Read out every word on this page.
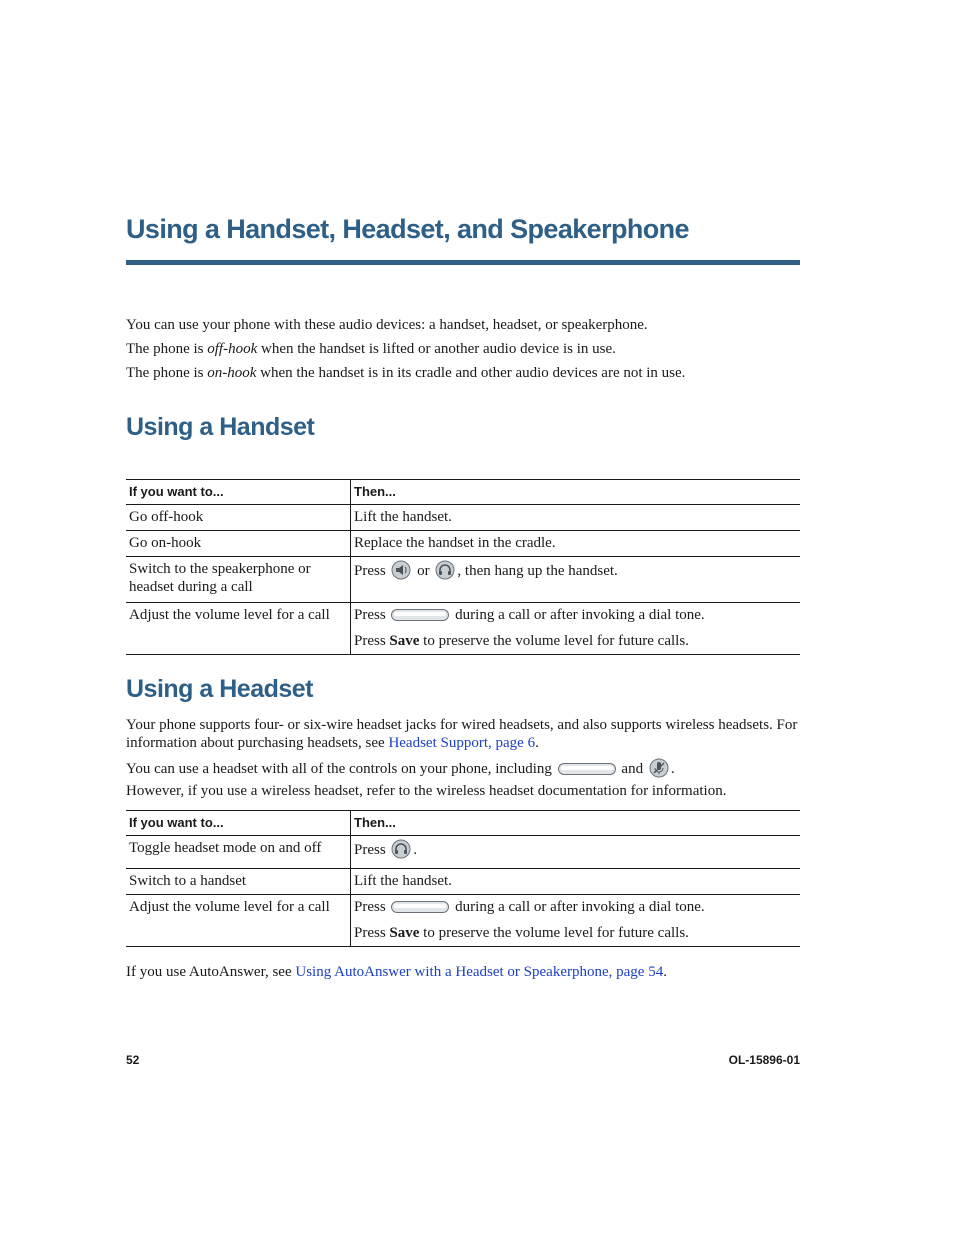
Using a Handset, Headset, and Speakerphone
You can use your phone with these audio devices: a handset, headset, or speakerphone.
The phone is off-hook when the handset is lifted or another audio device is in use.
The phone is on-hook when the handset is in its cradle and other audio devices are not in use.
Using a Handset
If you want to...	Then...
Go off-hook	Lift the handset.
Go on-hook	Replace the handset in the cradle.
Switch to the speakerphone or headset during a call	Press or , then hang up the handset.
Adjust the volume level for a call	Press during a call or after invoking a dial tone.
Press Save to preserve the volume level for future calls.
Using a Headset
Your phone supports four- or six-wire headset jacks for wired headsets, and also supports wireless headsets. For information about purchasing headsets, see Headset Support, page 6.
You can use a headset with all of the controls on your phone, including	and .
However, if you use a wireless headset, refer to the wireless headset documentation for information.
If you want to...	Then...
Toggle headset mode on and off	Press .
Switch to a handset	Lift the handset.
Adjust the volume level for a call	Press during a call or after invoking a dial tone.
Press Save to preserve the volume level for future calls.
If you use AutoAnswer, see Using AutoAnswer with a Headset or Speakerphone, page 54.
52	OL-15896-01
